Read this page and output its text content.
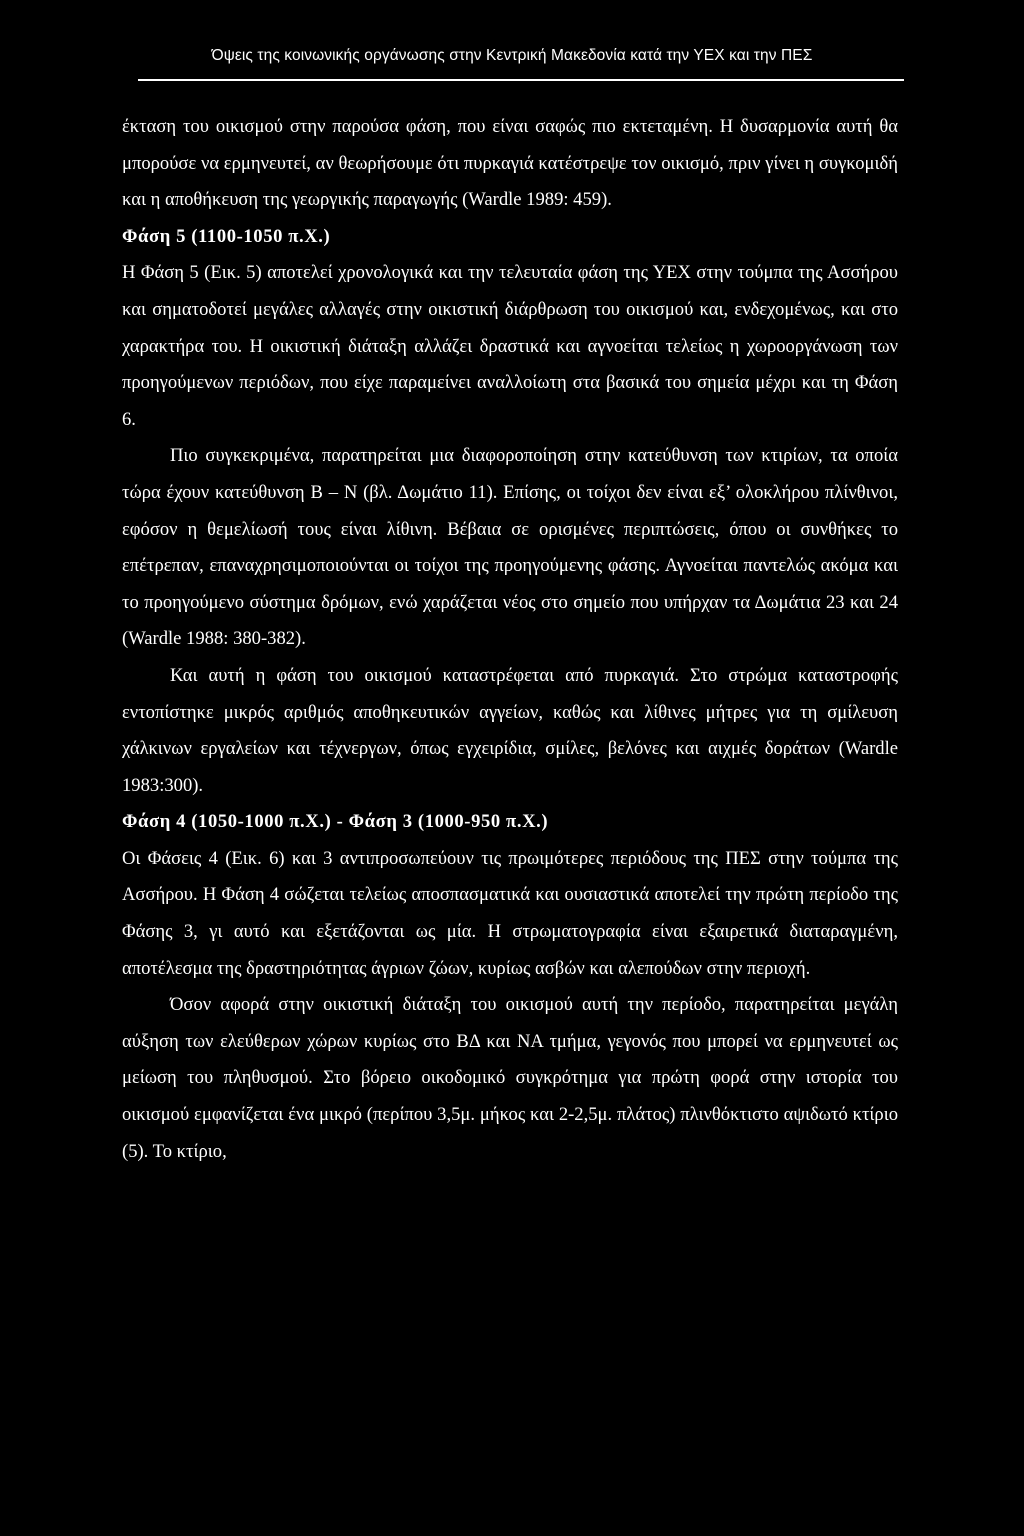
Όψεις της κοινωνικής οργάνωσης στην Κεντρική Μακεδονία κατά την ΥΕΧ και την ΠΕΣ

έκταση του οικισμού στην παρούσα φάση, που είναι σαφώς πιο εκτεταμένη. Η δυσαρμονία αυτή θα μπορούσε να ερμηνευτεί, αν θεωρήσουμε ότι πυρκαγιά κατέστρεψε τον οικισμό, πριν γίνει η συγκομιδή και η αποθήκευση της γεωργικής παραγωγής (Wardle 1989: 459).

Φάση 5 (1100-1050 π.Χ.)

Η Φάση 5 (Εικ. 5) αποτελεί χρονολογικά και την τελευταία φάση της ΥΕΧ στην τούμπα της Ασσήρου και σηματοδοτεί μεγάλες αλλαγές στην οικιστική διάρθρωση του οικισμού και, ενδεχομένως, και στο χαρακτήρα του. Η οικιστική διάταξη αλλάζει δραστικά και αγνοείται τελείως η χωροοργάνωση των προηγούμενων περιόδων, που είχε παραμείνει αναλλοίωτη στα βασικά του σημεία μέχρι και τη Φάση 6.

Πιο συγκεκριμένα, παρατηρείται μια διαφοροποίηση στην κατεύθυνση των κτιρίων, τα οποία τώρα έχουν κατεύθυνση Β – Ν (βλ. Δωμάτιο 11). Επίσης, οι τοίχοι δεν είναι εξ’ ολοκλήρου πλίνθινοι, εφόσον η θεμελίωσή τους είναι λίθινη. Βέβαια σε ορισμένες περιπτώσεις, όπου οι συνθήκες το επέτρεπαν, επαναχρησιμοποιούνται οι τοίχοι της προηγούμενης φάσης. Αγνοείται παντελώς ακόμα και το προηγούμενο σύστημα δρόμων, ενώ χαράζεται νέος στο σημείο που υπήρχαν τα Δωμάτια 23 και 24 (Wardle 1988: 380-382).

Και αυτή η φάση του οικισμού καταστρέφεται από πυρκαγιά. Στο στρώμα καταστροφής εντοπίστηκε μικρός αριθμός αποθηκευτικών αγγείων, καθώς και λίθινες μήτρες για τη σμίλευση χάλκινων εργαλείων και τέχνεργων, όπως εγχειρίδια, σμίλες, βελόνες και αιχμές δοράτων (Wardle 1983:300).

Φάση 4 (1050-1000 π.Χ.) - Φάση 3 (1000-950 π.Χ.)

Οι Φάσεις 4 (Εικ. 6) και 3 αντιπροσωπεύουν τις πρωιμότερες περιόδους της ΠΕΣ στην τούμπα της Ασσήρου. Η Φάση 4 σώζεται τελείως αποσπασματικά και ουσιαστικά αποτελεί την πρώτη περίοδο της Φάσης 3, γι αυτό και εξετάζονται ως μία. Η στρωματογραφία είναι εξαιρετικά διαταραγμένη, αποτέλεσμα της δραστηριότητας άγριων ζώων, κυρίως ασβών και αλεπούδων στην περιοχή.

Όσον αφορά στην οικιστική διάταξη του οικισμού αυτή την περίοδο, παρατηρείται μεγάλη αύξηση των ελεύθερων χώρων κυρίως στο ΒΔ και ΝΑ τμήμα, γεγονός που μπορεί να ερμηνευτεί ως μείωση του πληθυσμού. Στο βόρειο οικοδομικό συγκρότημα για πρώτη φορά στην ιστορία του οικισμού εμφανίζεται ένα μικρό (περίπου 3,5μ. μήκος και 2-2,5μ. πλάτος) πλινθόκτιστο αψιδωτό κτίριο (5). Το κτίριο,
